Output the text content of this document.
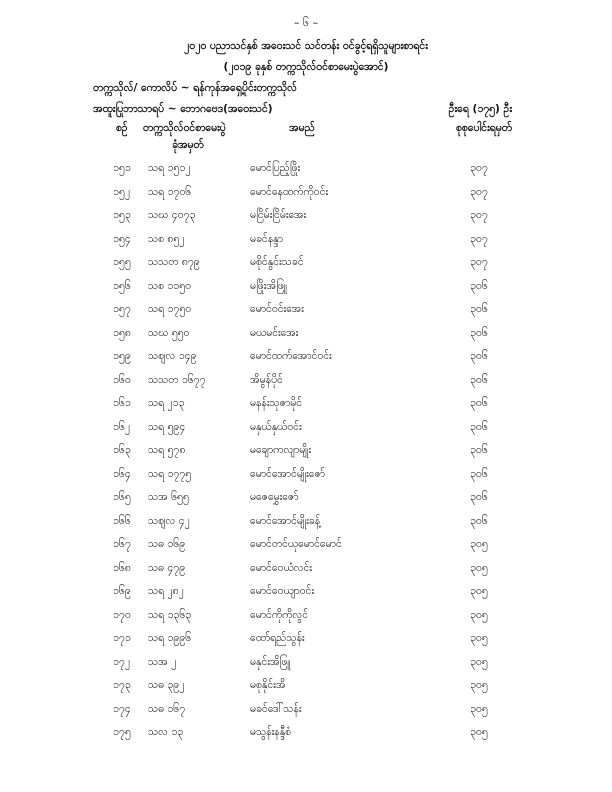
– ၆ –
၂၀၂၀ ပညာသင်နှစ် အဝေးသင် သင်တန်း ဝင်ခွင့်ရရှိသူများစာရင်း
(၂၀၁၉ ခုနှစ် တက္ကသိုလ်ဝင်စာမေးပွဲအောင်)
တက္ကသိုလ်/ ကောလိပ် ~ ရန်ကုန်အရှေ့ပိုင်းတက္ကသိုလ်
အထူးပြုဘာသာရပ် ~ ဘောဂဗေဒ(အဝေးသင်)	ဦးရေ (၁၇၅) ဦး
စဉ် တက္ကသိုလ်ဝင်စာမေးပွဲ
ခုံအမှတ်
အမည်	စုစုပေါင်းရမှတ်
၁၅၁ သရ ၁၅၁၂	မောင်ပြည့်ဖြိုး	၃၀၇
၁၅၂ သရ ၁၇၀၆	မောင်နေထက်ကိုဝင်း	၃၀၇
၁၅၃ သဃ ၄၀၇၃	မငြိမ်းငြိမ်းအေး	၃၀၇
၁၅၄ သစ ၈၅၂	မခင်နန္ဒာ	၃၀၇
၁၅၅ သသတ ၈၇၉	မစိုင်နွင်းသခင်	၃၀၇
၁၅၆ သစ ၁၁၅၀	မဖြိုးအိဖြူ	၃၀၆
၁၅၇ သရ ၁၇၅၀	မောင်ဝင်းအေး	၃၀၆
၁၅၈ သဃ ၅၅၀	မယမင်းအေး	၃၀၆
၁၅၉ သဈလ ၁၄၉	မောင်ထက်အောင်ဝင်း	၃၀၆
၁၆၀ သသတ ၁၆၇၇	အိမွန်ပိုင်	၃၀၆
၁၆၁ သရ ၂၁၃	မနန်းသုဇာမိုင်	၃၀၆
၁၆၂ သရ ၅၉၄	မနှယ်နှယ်ဝင်း	၃၀၆
၁၆၃ သရ ၅၇၈	မချောကလျာမျိုး	၃၀၆
၁၆၄ သရ ၁၇၇၅	မောင်အောင်မျိုးဇော်	၃၀၆
၁၆၅ သအ ၆၅၅	မဇေမွှေးဇော်	၃၀၆
၁၆၆ သဈလ ၄၂	မောင်အောင်မျိုးခန့်	၃၀၆
၁၆၇ သဓ ၁၆၉	မောင်တင်ယုမောင်မောင်	၃၀၅
၁၆၈ သဓ ၄၇၉	မောင်ဝေယံလင်း	၃၀၅
၁၆၉ သရ ၂၈၂	မောင်ဝေယျာဝင်း	၃၀၅
၁၇၀ သရ ၁၃၆၃	မောင်ကိုကိုလွင်	၃၀၅
၁၇၁ သရ ၁၉၉၆	ထော်ရည်သွန်း	၃၀၅
၁၇၂ သအ ၂	မနှင်းအိဖြူ	၃၀၅
၁၇၃ သဓ ၃၉၂	မစုနိုင်းအိ	၃၀၅
၁၇၄ သဓ ၁၆၇	မခင်ဒေါ်သန်း	၃၀၅
၁၇၅ သလ ၁၃	မသွန်းနန္ဒီစံ	၃၀၅
